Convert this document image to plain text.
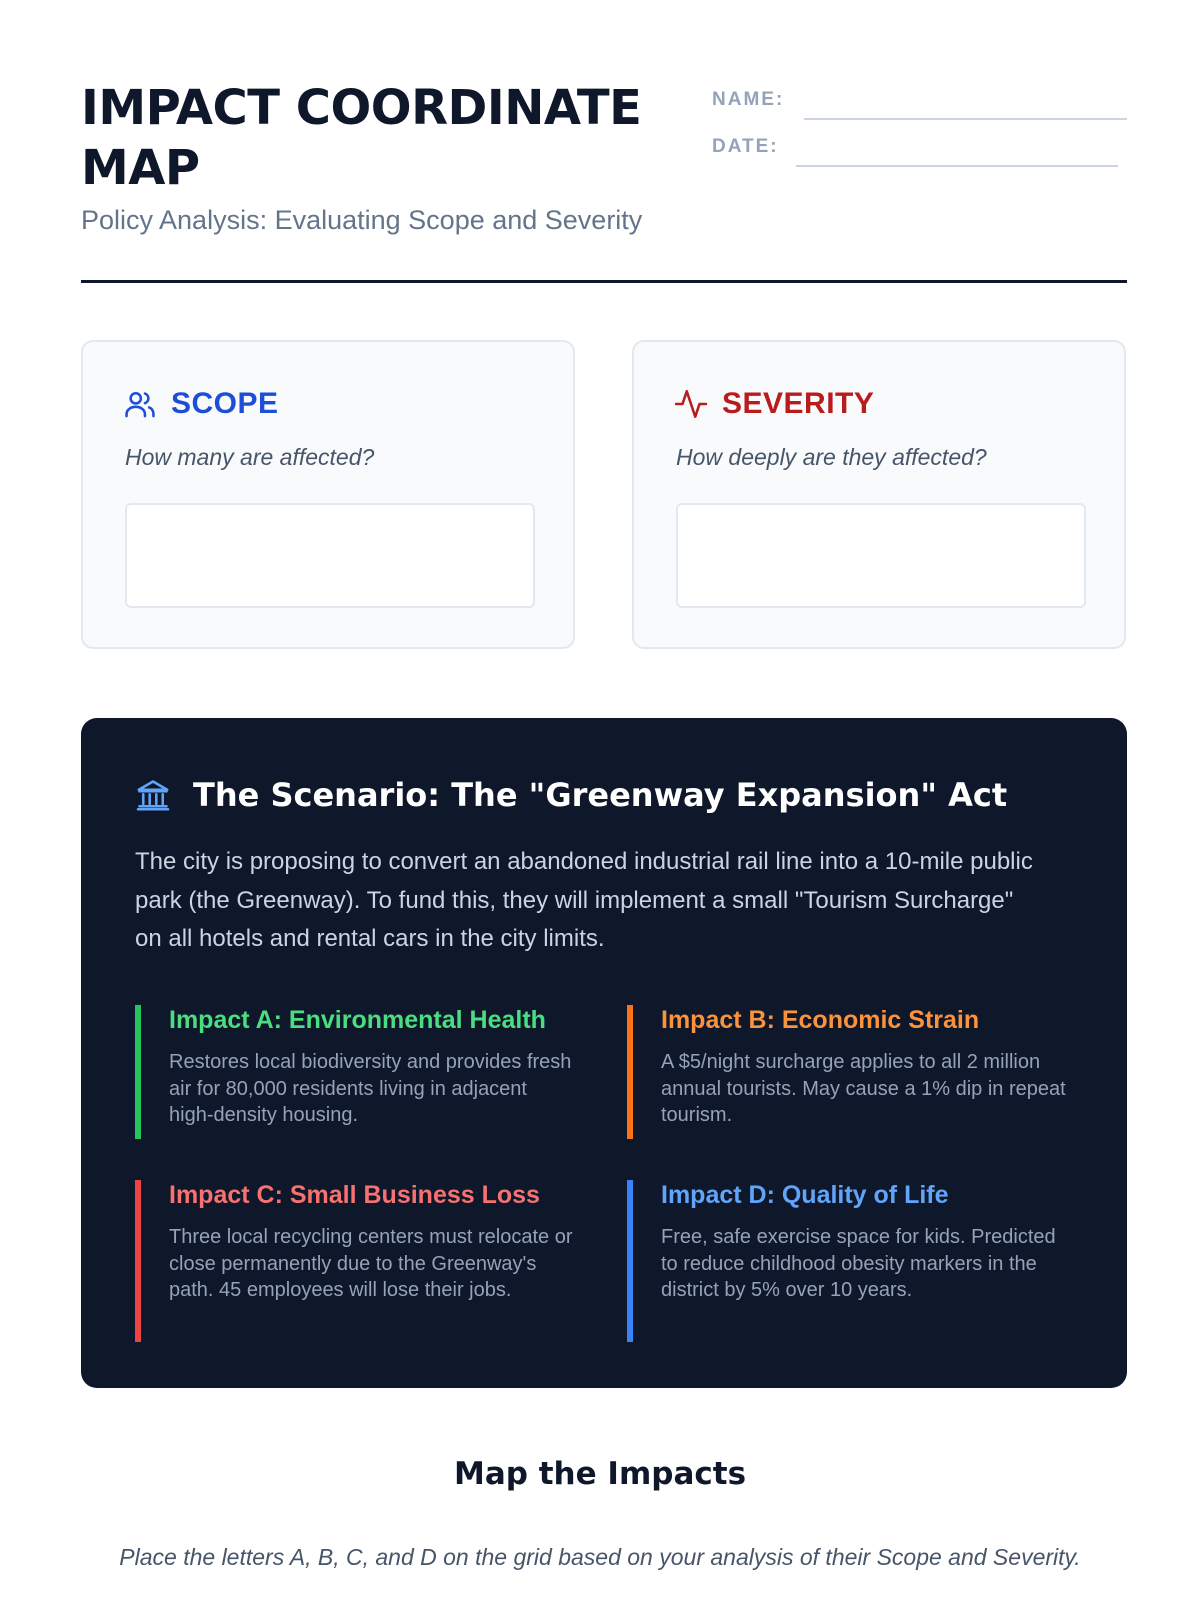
IMPACT COORDINATE MAP
Policy Analysis: Evaluating Scope and Severity
NAME:
DATE:
SCOPE
How many are affected?
SEVERITY
How deeply are they affected?
The Scenario: The "Greenway Expansion" Act
The city is proposing to convert an abandoned industrial rail line into a 10-mile public park (the Greenway). To fund this, they will implement a small "Tourism Surcharge" on all hotels and rental cars in the city limits.
Impact A: Environmental Health
Restores local biodiversity and provides fresh air for 80,000 residents living in adjacent high-density housing.
Impact B: Economic Strain
A $5/night surcharge applies to all 2 million annual tourists. May cause a 1% dip in repeat tourism.
Impact C: Small Business Loss
Three local recycling centers must relocate or close permanently due to the Greenway's path. 45 employees will lose their jobs.
Impact D: Quality of Life
Free, safe exercise space for kids. Predicted to reduce childhood obesity markers in the district by 5% over 10 years.
Map the Impacts
Place the letters A, B, C, and D on the grid based on your analysis of their Scope and Severity.
